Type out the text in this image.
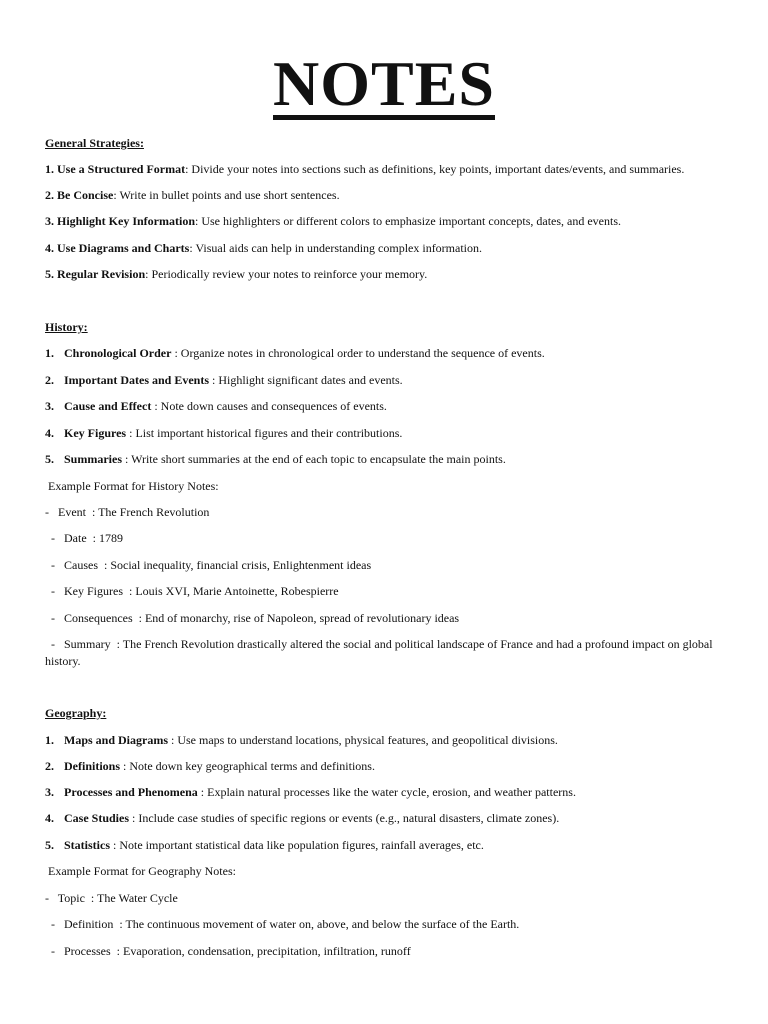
NOTES
General Strategies:
1. Use a Structured Format: Divide your notes into sections such as definitions, key points, important dates/events, and summaries.
2. Be Concise: Write in bullet points and use short sentences.
3. Highlight Key Information: Use highlighters or different colors to emphasize important concepts, dates, and events.
4. Use Diagrams and Charts: Visual aids can help in understanding complex information.
5. Regular Revision: Periodically review your notes to reinforce your memory.
History:
1. Chronological Order : Organize notes in chronological order to understand the sequence of events.
2. Important Dates and Events : Highlight significant dates and events.
3. Cause and Effect : Note down causes and consequences of events.
4. Key Figures : List important historical figures and their contributions.
5. Summaries : Write short summaries at the end of each topic to encapsulate the main points.
Example Format for History Notes:
-   Event  : The French Revolution
-   Date  : 1789
-   Causes  : Social inequality, financial crisis, Enlightenment ideas
-   Key Figures  : Louis XVI, Marie Antoinette, Robespierre
-   Consequences  : End of monarchy, rise of Napoleon, spread of revolutionary ideas
-   Summary  : The French Revolution drastically altered the social and political landscape of France and had a profound impact on global history.
Geography:
1. Maps and Diagrams : Use maps to understand locations, physical features, and geopolitical divisions.
2. Definitions : Note down key geographical terms and definitions.
3. Processes and Phenomena : Explain natural processes like the water cycle, erosion, and weather patterns.
4. Case Studies : Include case studies of specific regions or events (e.g., natural disasters, climate zones).
5. Statistics : Note important statistical data like population figures, rainfall averages, etc.
Example Format for Geography Notes:
-   Topic  : The Water Cycle
-   Definition  : The continuous movement of water on, above, and below the surface of the Earth.
-   Processes  : Evaporation, condensation, precipitation, infiltration, runoff
